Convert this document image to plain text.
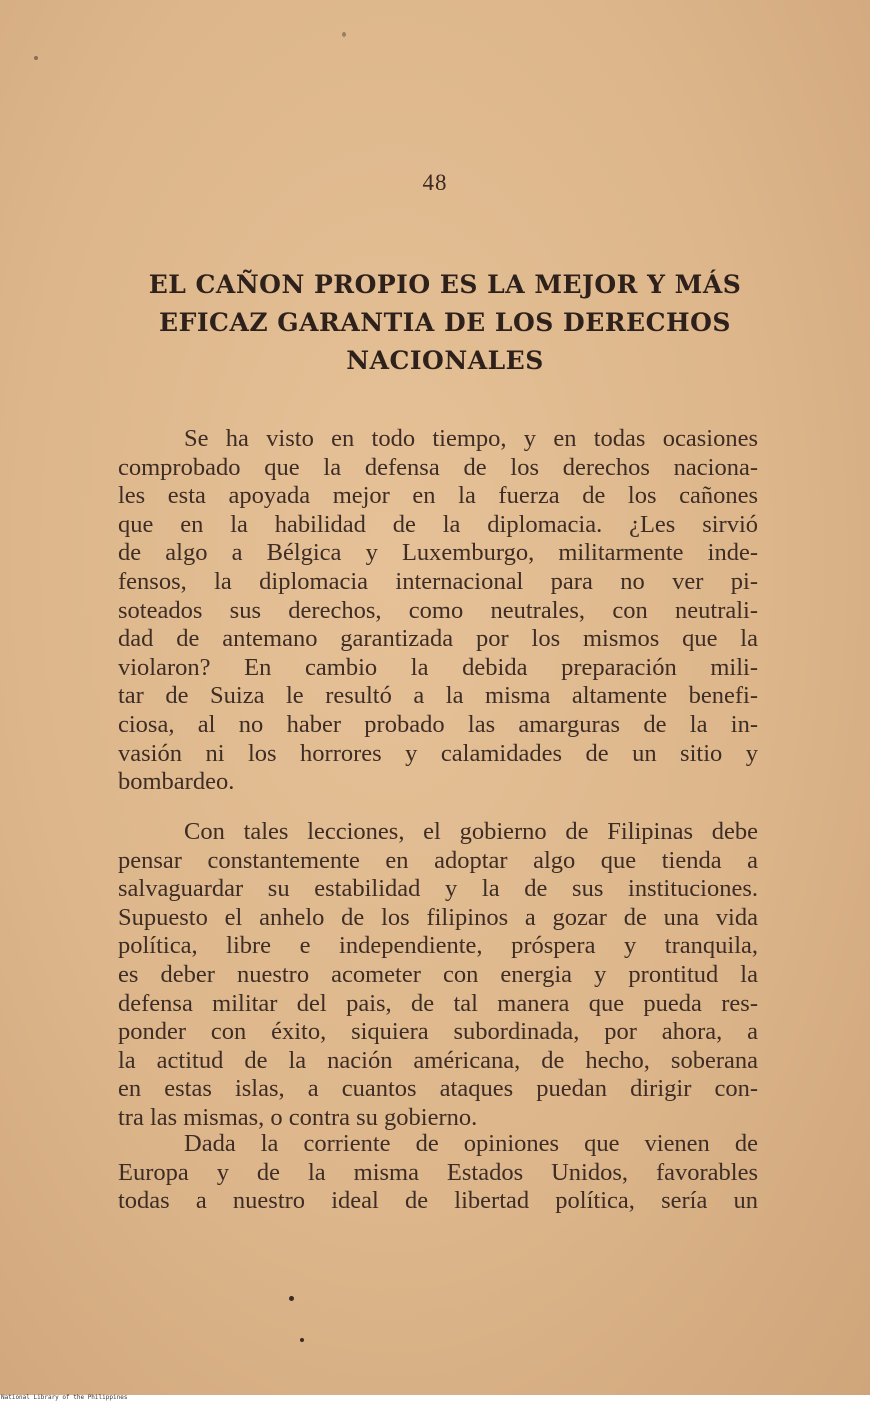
48
EL CAÑON PROPIO ES LA MEJOR Y MÁS
EFICAZ GARANTIA DE LOS DERECHOS
NACIONALES
Se ha visto en todo tiempo, y en todas ocasiones
comprobado que la defensa de los derechos naciona-
les esta apoyada mejor en la fuerza de los cañones
que en la habilidad de la diplomacia. ¿Les sirvió
de algo a Bélgica y Luxemburgo, militarmente inde-
fensos, la diplomacia internacional para no ver pi-
soteados sus derechos, como neutrales, con neutrali-
dad de antemano garantizada por los mismos que la
violaron? En cambio la debida preparación mili-
tar de Suiza le resultó a la misma altamente benefi-
ciosa, al no haber probado las amarguras de la in-
vasión ni los horrores y calamidades de un sitio y
bombardeo.
Con tales lecciones, el gobierno de Filipinas debe
pensar constantemente en adoptar algo que tienda a
salvaguardar su estabilidad y la de sus instituciones.
Supuesto el anhelo de los filipinos a gozar de una vida
política, libre e independiente, próspera y tranquila,
es deber nuestro acometer con energia y prontitud la
defensa militar del pais, de tal manera que pueda res-
ponder con éxito, siquiera subordinada, por ahora, a
la actitud de la nación américana, de hecho, soberana
en estas islas, a cuantos ataques puedan dirigir con-
tra las mismas, o contra su gobierno.
Dada la corriente de opiniones que vienen de
Europa y de la misma Estados Unidos, favorables
todas a nuestro ideal de libertad política, sería un
National Library of the Philippines
